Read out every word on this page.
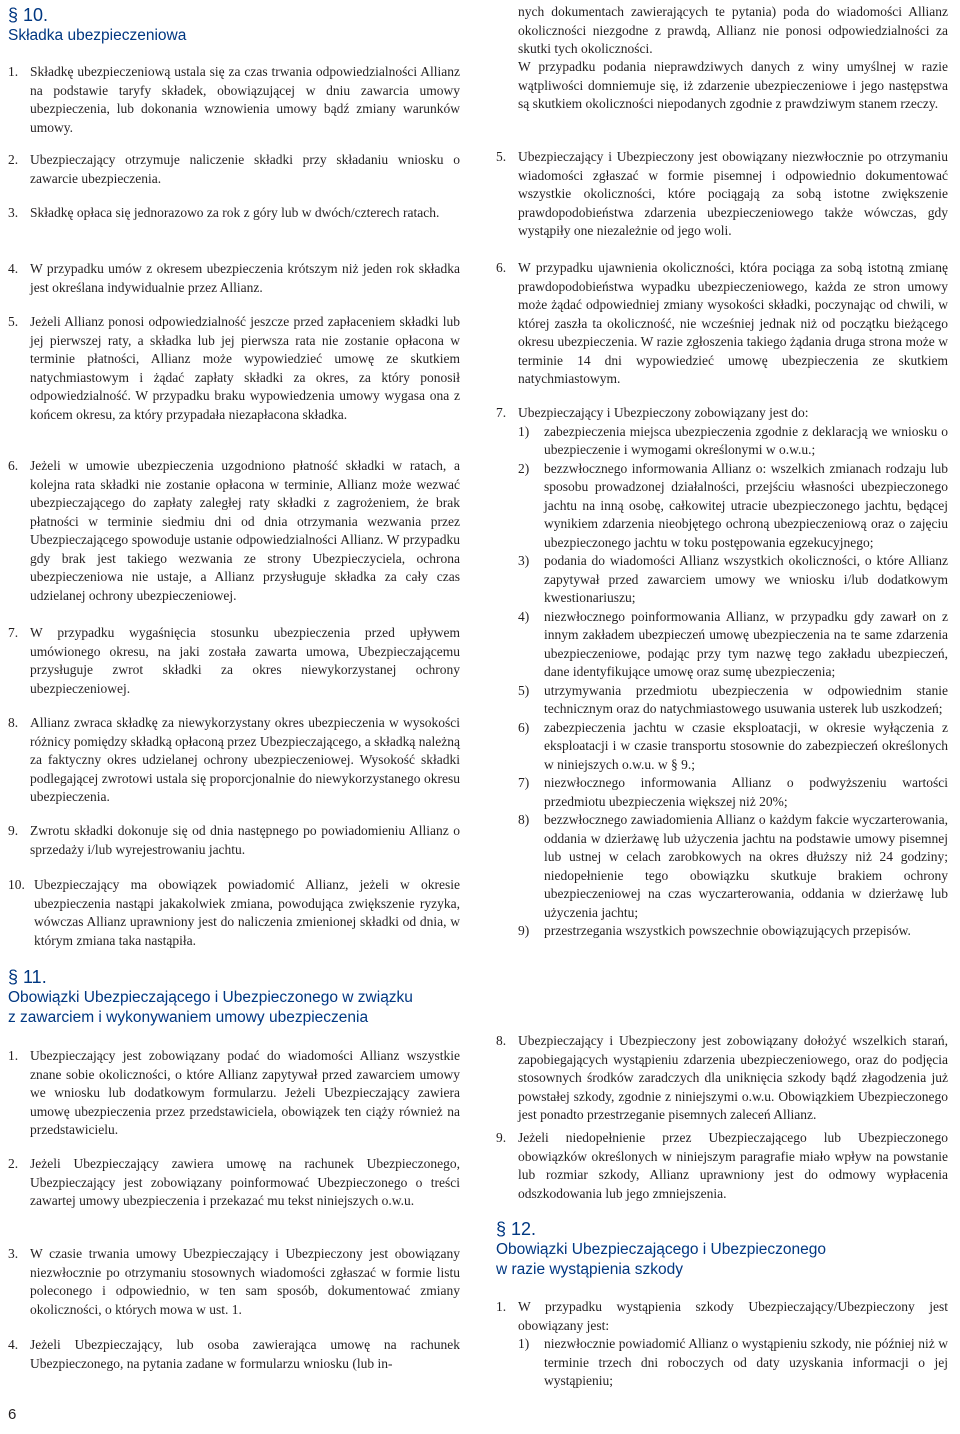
§ 10.
Składka ubezpieczeniowa
1. Składkę ubezpieczeniową ustala się za czas trwania odpowiedzialności Allianz na podstawie taryfy składek, obowiązującej w dniu zawarcia umowy ubezpieczenia, lub dokonania wznowienia umowy bądź zmiany warunków umowy.
2. Ubezpieczający otrzymuje naliczenie składki przy składaniu wniosku o zawarcie ubezpieczenia.
3. Składkę opłaca się jednorazowo za rok z góry lub w dwóch/czterech ratach.
4. W przypadku umów z okresem ubezpieczenia krótszym niż jeden rok składka jest określana indywidualnie przez Allianz.
5. Jeżeli Allianz ponosi odpowiedzialność jeszcze przed zapłaceniem składki lub jej pierwszej raty, a składka lub jej pierwsza rata nie zostanie opłacona w terminie płatności, Allianz może wypowiedzieć umowę ze skutkiem natychmiastowym i żądać zapłaty składki za okres, za który ponosił odpowiedzialność. W przypadku braku wypowiedzenia umowy wygasa ona z końcem okresu, za który przypadała niezapłacona składka.
6. Jeżeli w umowie ubezpieczenia uzgodniono płatność składki w ratach, a kolejna rata składki nie zostanie opłacona w terminie, Allianz może wezwać ubezpieczającego do zapłaty zaległej raty składki z zagrożeniem, że brak płatności w terminie siedmiu dni od dnia otrzymania wezwania przez Ubezpieczającego spowoduje ustanie odpowiedzialności Allianz. W przypadku gdy brak jest takiego wezwania ze strony Ubezpieczyciela, ochrona ubezpieczeniowa nie ustaje, a Allianz przysługuje składka za cały czas udzielanej ochrony ubezpieczeniowej.
7. W przypadku wygaśnięcia stosunku ubezpieczenia przed upływem umówionego okresu, na jaki została zawarta umowa, Ubezpieczającemu przysługuje zwrot składki za okres niewykorzystanej ochrony ubezpieczeniowej.
8. Allianz zwraca składkę za niewykorzystany okres ubezpieczenia w wysokości różnicy pomiędzy składką opłaconą przez Ubezpieczającego, a składką należną za faktyczny okres udzielanej ochrony ubezpieczeniowej. Wysokość składki podlegającej zwrotowi ustala się proporcjonalnie do niewykorzystanego okresu ubezpieczenia.
9. Zwrotu składki dokonuje się od dnia następnego po powiadomieniu Allianz o sprzedaży i/lub wyrejestrowaniu jachtu.
10. Ubezpieczający ma obowiązek powiadomić Allianz, jeżeli w okresie ubezpieczenia nastąpi jakakolwiek zmiana, powodująca zwiększenie ryzyka, wówczas Allianz uprawniony jest do naliczenia zmienionej składki od dnia, w którym zmiana taka nastąpiła.
§ 11.
Obowiązki Ubezpieczającego i Ubezpieczonego w związku
z zawarciem i wykonywaniem umowy ubezpieczenia
1. Ubezpieczający jest zobowiązany podać do wiadomości Allianz wszystkie znane sobie okoliczności, o które Allianz zapytywał przed zawarciem umowy we wniosku lub dodatkowym formularzu. Jeżeli Ubezpieczający zawiera umowę ubezpieczenia przez przedstawiciela, obowiązek ten ciąży również na przedstawicielu.
2. Jeżeli Ubezpieczający zawiera umowę na rachunek Ubezpieczonego, Ubezpieczający jest zobowiązany poinformować Ubezpieczonego o treści zawartej umowy ubezpieczenia i przekazać mu tekst niniejszych o.w.u.
3. W czasie trwania umowy Ubezpieczający i Ubezpieczony jest obowiązany niezwłocznie po otrzymaniu stosownych wiadomości zgłaszać w formie listu poleconego i odpowiednio, w ten sam sposób, dokumentować zmiany okoliczności, o których mowa w ust. 1.
4. Jeżeli Ubezpieczający, lub osoba zawierająca umowę na rachunek Ubezpieczonego, na pytania zadane w formularzu wniosku (lub in-
nych dokumentach zawierających te pytania) poda do wiadomości Allianz okoliczności niezgodne z prawdą, Allianz nie ponosi odpowiedzialności za skutki tych okoliczności.
W przypadku podania nieprawdziwych danych z winy umyślnej w razie wątpliwości domniemuje się, iż zdarzenie ubezpieczeniowe i jego następstwa są skutkiem okoliczności niepodanych zgodnie z prawdziwym stanem rzeczy.
5. Ubezpieczający i Ubezpieczony jest obowiązany niezwłocznie po otrzymaniu wiadomości zgłaszać w formie pisemnej i odpowiednio dokumentować wszystkie okoliczności, które pociągają za sobą istotne zwiększenie prawdopodobieństwa zdarzenia ubezpieczeniowego także wówczas, gdy wystąpiły one niezależnie od jego woli.
6. W przypadku ujawnienia okoliczności, która pociąga za sobą istotną zmianę prawdopodobieństwa wypadku ubezpieczeniowego, każda ze stron umowy może żądać odpowiedniej zmiany wysokości składki, poczynając od chwili, w której zaszła ta okoliczność, nie wcześniej jednak niż od początku bieżącego okresu ubezpieczenia. W razie zgłoszenia takiego żądania druga strona może w terminie 14 dni wypowiedzieć umowę ubezpieczenia ze skutkiem natychmiastowym.
7. Ubezpieczający i Ubezpieczony zobowiązany jest do:
1)	zabezpieczenia miejsca ubezpieczenia zgodnie z deklaracją we wniosku o ubezpieczenie i wymogami określonymi w o.w.u.;
2)	bezzwłocznego informowania Allianz o: wszelkich zmianach rodzaju lub sposobu prowadzonej działalności, przejściu własności ubezpieczonego jachtu na inną osobę, całkowitej utracie ubezpieczonego jachtu, będącej wynikiem zdarzenia nieobjętego ochroną ubezpieczeniową oraz o zajęciu ubezpieczonego jachtu w toku postępowania egzekucyjnego;
3)	podania do wiadomości Allianz wszystkich okoliczności, o które Allianz zapytywał przed zawarciem umowy we wniosku i/lub dodatkowym kwestionariuszu;
4)	niezwłocznego poinformowania Allianz, w przypadku gdy zawarł on z innym zakładem ubezpieczeń umowę ubezpieczenia na te same zdarzenia ubezpieczeniowe, podając przy tym nazwę tego zakładu ubezpieczeń, dane identyfikujące umowę oraz sumę ubezpieczenia;
5)	utrzymywania przedmiotu ubezpieczenia w odpowiednim stanie technicznym oraz do natychmiastowego usuwania usterek lub uszkodzeń;
6)	zabezpieczenia jachtu w czasie eksploatacji, w okresie wyłączenia z eksploatacji i w czasie transportu stosownie do zabezpieczeń określonych w niniejszych o.w.u. w § 9.;
7)	niezwłocznego informowania Allianz o podwyższeniu wartości przedmiotu ubezpieczenia większej niż 20%;
8)	bezzwłocznego zawiadomienia Allianz o każdym fakcie wyczarterowania, oddania w dzierżawę lub użyczenia jachtu na podstawie umowy pisemnej lub ustnej w celach zarobkowych na okres dłuższy niż 24 godziny; niedopełnienie tego obowiązku skutkuje brakiem ochrony ubezpieczeniowej na czas wyczarterowania, oddania w dzierżawę lub użyczenia jachtu;
9)	przestrzegania wszystkich powszechnie obowiązujących przepisów.
8. Ubezpieczający i Ubezpieczony jest zobowiązany dołożyć wszelkich starań, zapobiegających wystąpieniu zdarzenia ubezpieczeniowego, oraz do podjęcia stosownych środków zaradczych dla uniknięcia szkody bądź złagodzenia już powstałej szkody, zgodnie z niniejszymi o.w.u. Obowiązkiem Ubezpieczonego jest ponadto przestrzeganie pisemnych zaleceń Allianz.
9. Jeżeli niedopełnienie przez Ubezpieczającego lub Ubezpieczonego obowiązków określonych w niniejszym paragrafie miało wpływ na powstanie lub rozmiar szkody, Allianz uprawniony jest do odmowy wypłacenia odszkodowania lub jego zmniejszenia.
§ 12.
Obowiązki Ubezpieczającego i Ubezpieczonego
w razie wystąpienia szkody
1. W przypadku wystąpienia szkody Ubezpieczający/Ubezpieczony jest obowiązany jest:
1)	niezwłocznie powiadomić Allianz o wystąpieniu szkody, nie później niż w terminie trzech dni roboczych od daty uzyskania informacji o jej wystąpieniu;
6
